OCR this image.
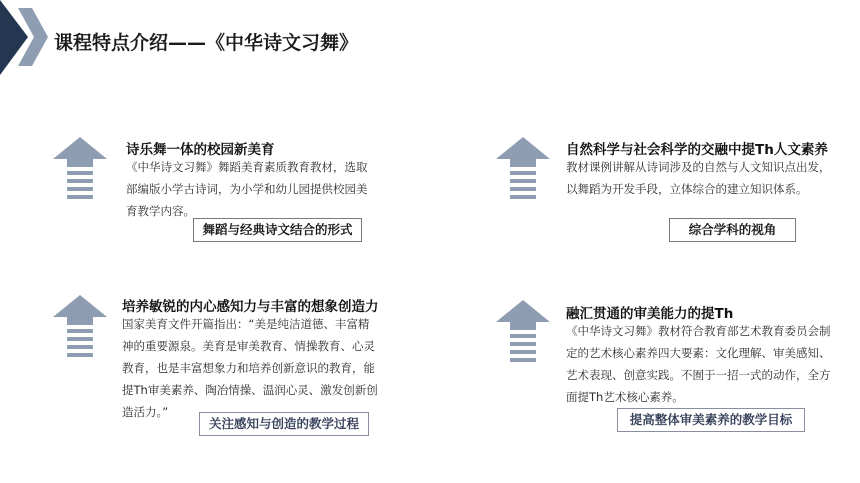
课程特点介绍——《中华诗文习舞》
诗乐舞一体的校园新美育
《中华诗文习舞》舞蹈美育素质教育教材，选取
部编版小学古诗词，为小学和幼儿园提供校园美
育教学内容。
舞蹈与经典诗文结合的形式
自然科学与社会科学的交融中提Th人文素养
教材课例讲解从诗词涉及的自然与人文知识点出发，
以舞蹈为开发手段，立体综合的建立知识体系。
综合学科的视角
培养敏锐的内心感知力与丰富的想象创造力
国家美育文件开篇指出：“美是纯洁道德、丰富精
神的重要源泉。美育是审美教育、情操教育、心灵
教育，也是丰富想象力和培养创新意识的教育，能
提Th审美素养、陶冶情操、温润心灵、激发创新创
造活力。”
关注感知与创造的教学过程
融汇贯通的审美能力的提Th
《中华诗文习舞》教材符合教育部艺术教育委员会制
定的艺术核心素养四大要素：文化理解、审美感知、
艺术表现、创意实践。不囿于一招一式的动作，全方
面提Th艺术核心素养。
提高整体审美素养的教学目标
